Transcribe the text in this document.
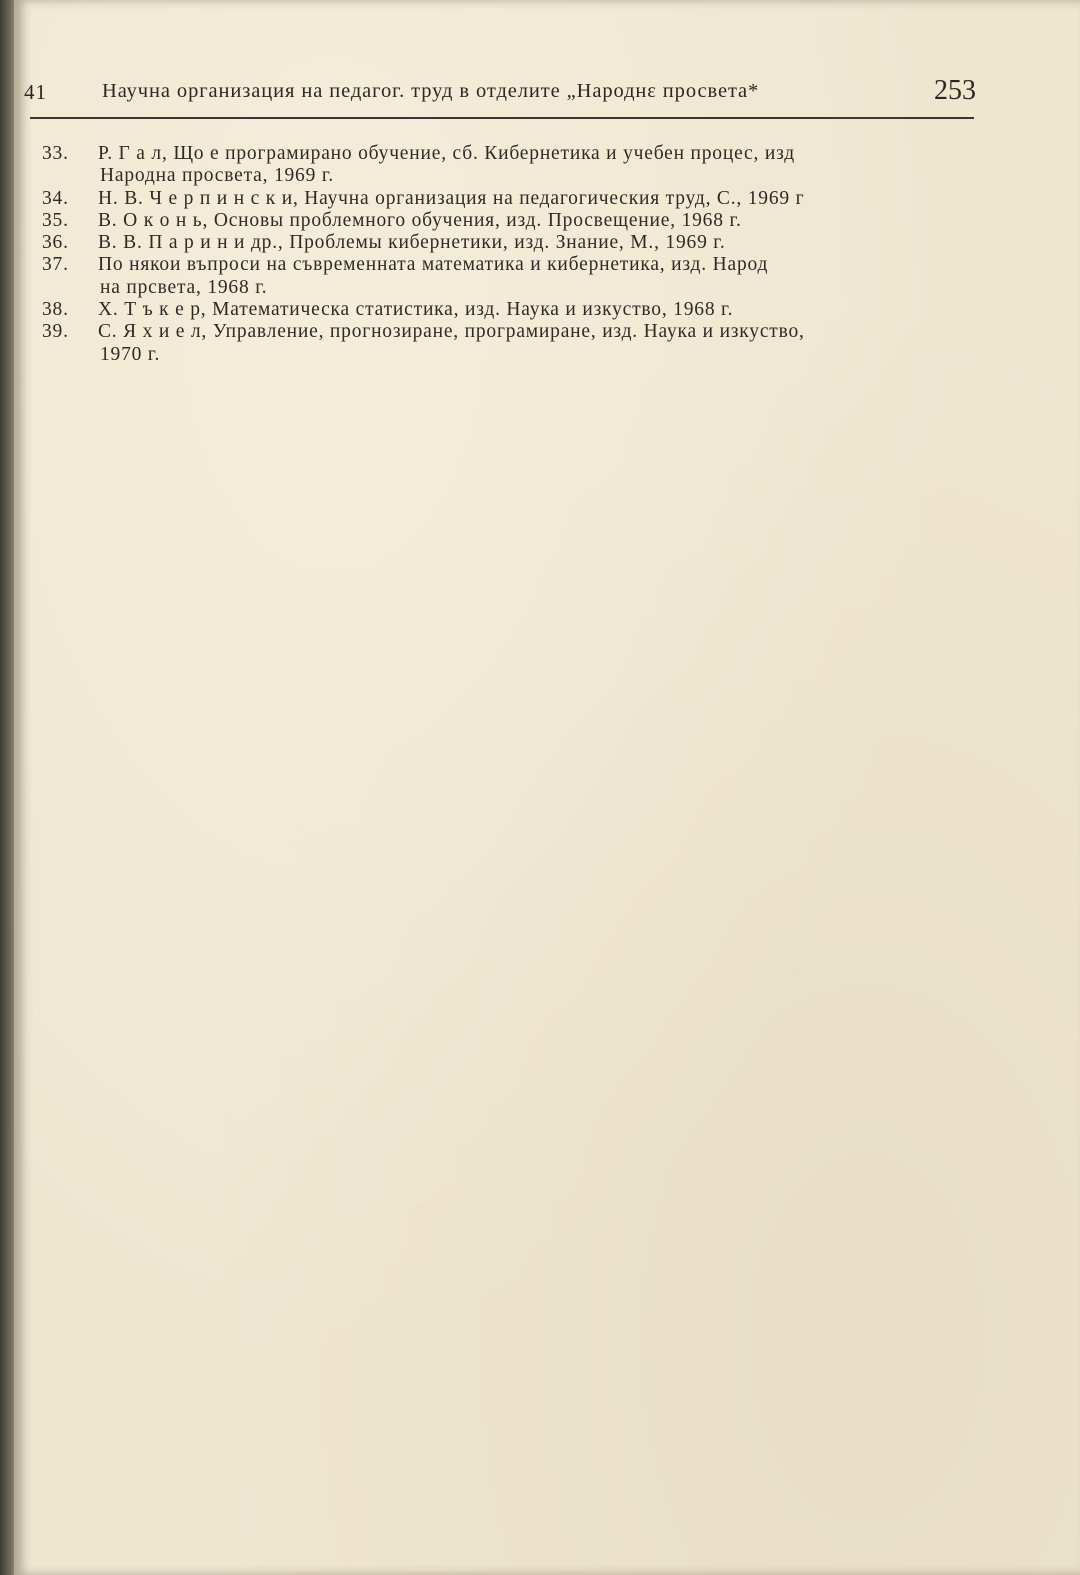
41	Научна организация на педагог. труд в отделите „Народнε просвета*	253
33. Р. Г а л, Що е програмирано обучение, сб. Кибернетика и учебен процес, изд
Народна просвета, 1969 г.
34. Н. В. Ч е р п и н с к и, Научна организация на педагогическия труд, С., 1969 г
35. В. О к о н ь, Основы проблемного обучения, изд. Просвещение, 1968 г.
36. В. В. П а р и н и др., Проблемы кибернетики, изд. Знание, М., 1969 г.
37. По някои въпроси на съвременната математика и кибернетика, изд. Народ
на прсвета, 1968 г.
38. Х. Т ъ к е р, Математическа статистика, изд. Наука и изкуство, 1968 г.
39. С. Я х и е л, Управление, прогнозиране, програмиране, изд. Наука и изкуство,
1970 г.
